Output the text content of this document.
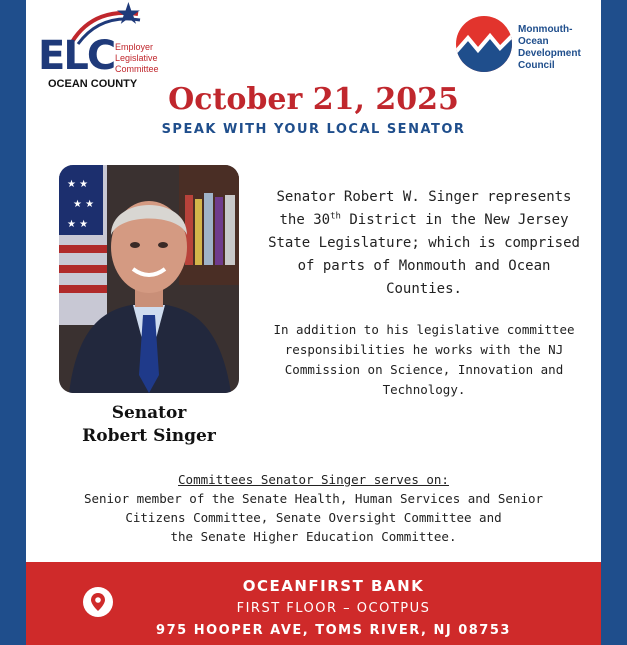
ELC Employer
Legislative
Committee
OCEAN COUNTY
Monmouth-
Ocean
Development
Council
October 21, 2025
SPEAK WITH YOUR LOCAL SENATOR
★ ★
★ ★
★ ★
Senator
Robert Singer
Senator Robert W. Singer represents the 30th District in the New Jersey State Legislature; which is comprised of parts of Monmouth and Ocean Counties.
In addition to his legislative committee responsibilities he works with the NJ Commission on Science, Innovation and Technology.
Committees Senator Singer serves on:
Senior member of the Senate Health, Human Services and Senior
Citizens Committee, Senate Oversight Committee and
the Senate Higher Education Committee.
OCEANFIRST BANK
FIRST FLOOR – OCOTPUS
975 HOOPER AVE, TOMS RIVER, NJ 08753
